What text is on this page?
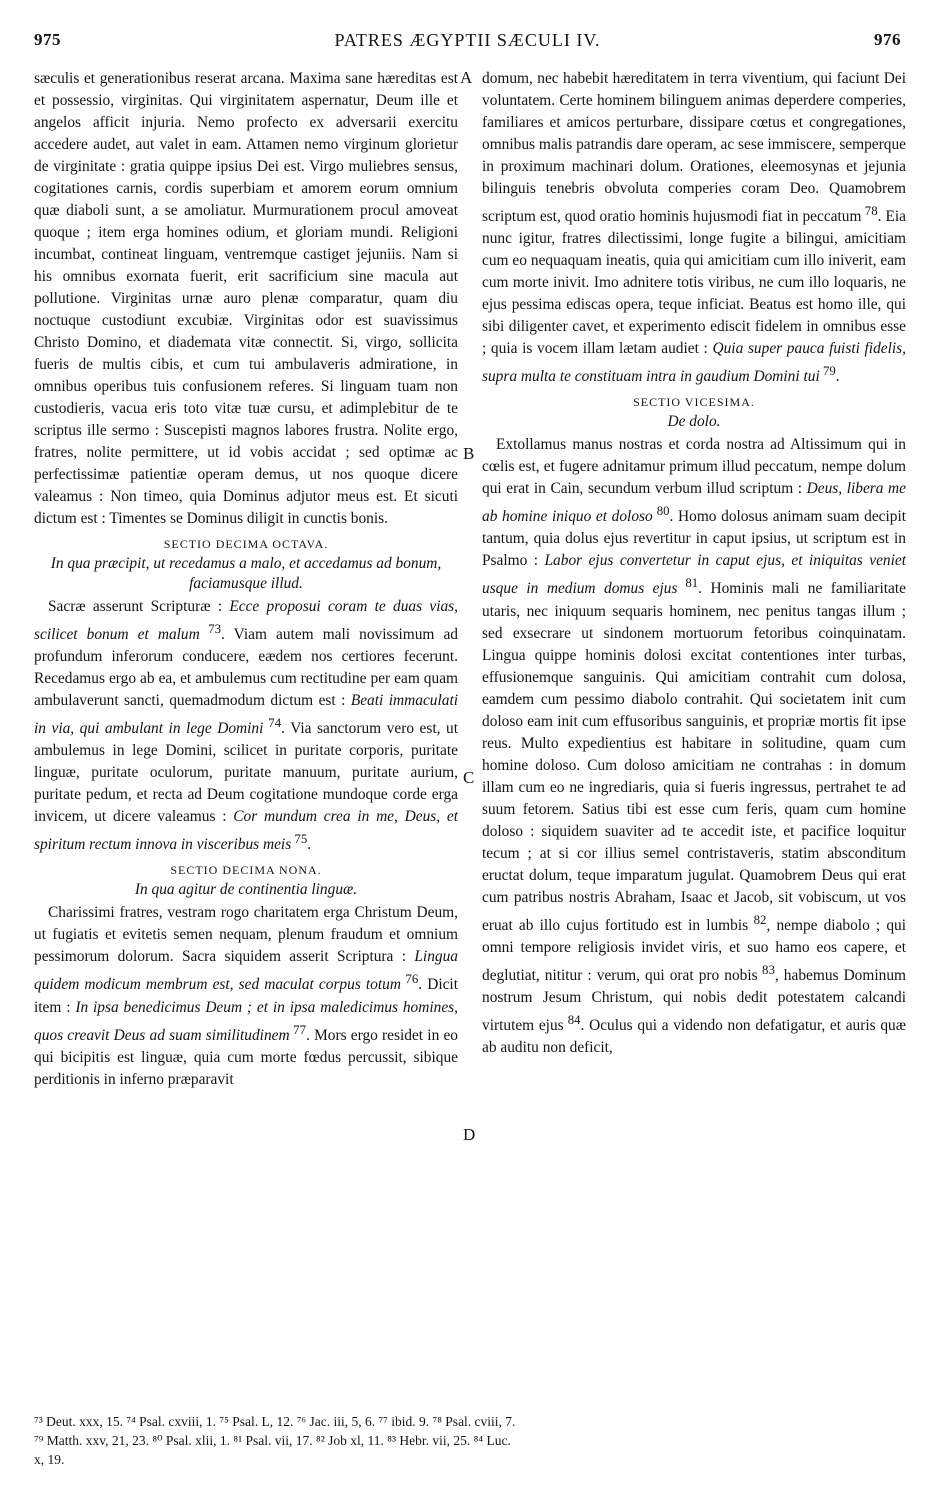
975	PATRES ÆGYPTII SÆCULI IV.	976
A
B
C
D

sæculis et generationibus reserat arcana. Maxima sane hæreditas est et possessio, virginitas. Qui virginitatem aspernatur, Deum ille et angelos afficit injuria. Nemo profecto ex adversarii exercitu accedere audet, aut valet in eam. Attamen nemo virginum glorietur de virginitate : gratia quippe ipsius Dei est. Virgo muliebres sensus, cogitationes carnis, cordis superbiam et amorem eorum omnium quæ diaboli sunt, a se amoliatur. Murmurationem procul amoveat quoque ; item erga homines odium, et gloriam mundi. Religioni incumbat, contineat linguam, ventremque castiget jejuniis. Nam si his omnibus exornata fuerit, erit sacrificium sine macula aut pollutione. Virginitas urnæ auro plenæ comparatur, quam diu noctuque custodiunt excubiæ. Virginitas odor est suavissimus Christo Domino, et diademata vitæ connectit. Si, virgo, sollicita fueris de multis cibis, et cum tui ambulaveris admiratione, in omnibus operibus tuis confusionem referes. Si linguam tuam non custodieris, vacua eris toto vitæ tuæ cursu, et adimplebitur de te scriptus ille sermo : Suscepisti magnos labores frustra. Nolite ergo, fratres, nolite permittere, ut id vobis accidat ; sed optimæ ac perfectissimæ patientiæ operam demus, ut nos quoque dicere valeamus : Non timeo, quia Dominus adjutor meus est. Et sicuti dictum est : Timentes se Dominus diligit in cunctis bonis.

SECTIO DECIMA OCTAVA.
In qua præcipit, ut recedamus a malo, et accedamus ad bonum, faciamusque illud.

Sacræ asserunt Scripturæ : Ecce proposui coram te duas vias, scilicet bonum et malum $^{73}$. Viam autem mali novissimum ad profundum inferorum conducere, eædem nos certiores fecerunt. Recedamus ergo ab ea, et ambulemus cum rectitudine per eam quam ambulaverunt sancti, quemadmodum dictum est : Beati immaculati in via, qui ambulant in lege Domini $^{74}$. Via sanctorum vero est, ut ambulemus in lege Domini, scilicet in puritate corporis, puritate linguæ, puritate oculorum, puritate manuum, puritate aurium, puritate pedum, et recta ad Deum cogitatione mundoque corde erga invicem, ut dicere valeamus : Cor mundum crea in me, Deus, et spiritum rectum innova in visceribus meis $^{75}$.

SECTIO DECIMA NONA.
In qua agitur de continentia linguæ.

Charissimi fratres, vestram rogo charitatem erga Christum Deum, ut fugiatis et evitetis semen nequam, plenum fraudum et omnium pessimorum dolorum. Sacra siquidem asserit Scriptura : Lingua quidem modicum membrum est, sed maculat corpus totum $^{76}$. Dicit item : In ipsa benedicimus Deum ; et in ipsa maledicimus homines, quos creavit Deus ad suam similitudinem $^{77}$. Mors ergo residet in eo qui bicipitis est linguæ, quia cum morte fœdus percussit, sibique perditionis in inferno præparavit

domum, nec habebit hæreditatem in terra viventium, qui faciunt Dei voluntatem. Certe hominem bilinguem animas deperdere comperies, familiares et amicos perturbare, dissipare cœtus et congregationes, omnibus malis patrandis dare operam, ac sese immiscere, semperque in proximum machinari dolum. Orationes, eleemosynas et jejunia bilinguis tenebris obvoluta comperies coram Deo. Quamobrem scriptum est, quod oratio hominis hujusmodi fiat in peccatum $^{78}$. Eia nunc igitur, fratres dilectissimi, longe fugite a bilingui, amicitiam cum eo nequaquam ineatis, quia qui amicitiam cum illo iniverit, eam cum morte inivit. Imo adnitere totis viribus, ne cum illo loquaris, ne ejus pessima ediscas opera, teque inficiat. Beatus est homo ille, qui sibi diligenter cavet, et experimento ediscit fidelem in omnibus esse ; quia is vocem illam lætam audiet : Quia super pauca fuisti fidelis, supra multa te constituam intra in gaudium Domini tui $^{79}$.

SECTIO VICESIMA.
De dolo.

Extollamus manus nostras et corda nostra ad Altissimum qui in cœlis est, et fugere adnitamur primum illud peccatum, nempe dolum qui erat in Cain, secundum verbum illud scriptum : Deus, libera me ab homine iniquo et doloso $^{80}$. Homo dolosus animam suam decipit tantum, quia dolus ejus revertitur in caput ipsius, ut scriptum est in Psalmo : Labor ejus convertetur in caput ejus, et iniquitas veniet usque in medium domus ejus $^{81}$. Hominis mali ne familiaritate utaris, nec iniquum sequaris hominem, nec penitus tangas illum ; sed exsecrare ut sindonem mortuorum fetoribus coinquinatam. Lingua quippe hominis dolosi excitat contentiones inter turbas, effusionemque sanguinis. Qui amicitiam contrahit cum dolosa, eamdem cum pessimo diabolo contrahit. Qui societatem init cum doloso eam init cum effusoribus sanguinis, et propriæ mortis fit ipse reus. Multo expedientius est habitare in solitudine, quam cum homine doloso. Cum doloso amicitiam ne contrahas : in domum illam cum eo ne ingrediaris, quia si fueris ingressus, pertrahet te ad suum fetorem. Satius tibi est esse cum feris, quam cum homine doloso : siquidem suaviter ad te accedit iste, et pacifice loquitur tecum ; at si cor illius semel contristaveris, statim absconditum eructat dolum, teque imparatum jugulat. Quamobrem Deus qui erat cum patribus nostris Abraham, Isaac et Jacob, sit vobiscum, ut vos eruat ab illo cujus fortitudo est in lumbis $^{82}$, nempe diabolo ; qui omni tempore religiosis invidet viris, et suo hamo eos capere, et deglutiat, nititur : verum, qui orat pro nobis $^{83}$, habemus Dominum nostrum Jesum Christum, qui nobis dedit potestatem calcandi virtutem ejus $^{84}$. Oculus qui a videndo non defatigatur, et auris quæ ab auditu non deficit,

⁷³ Deut. xxx, 15. ⁷⁴ Psal. cxviii, 1. ⁷⁵ Psal. L, 12. ⁷⁶ Jac. iii, 5, 6. ⁷⁷ ibid. 9. ⁷⁸ Psal. cviii, 7.
⁷⁹ Matth. xxv, 21, 23. ⁸⁰ Psal. xlii, 1. ⁸¹ Psal. vii, 17. ⁸² Job xl, 11. ⁸³ Hebr. vii, 25. ⁸⁴ Luc.
x, 19.
